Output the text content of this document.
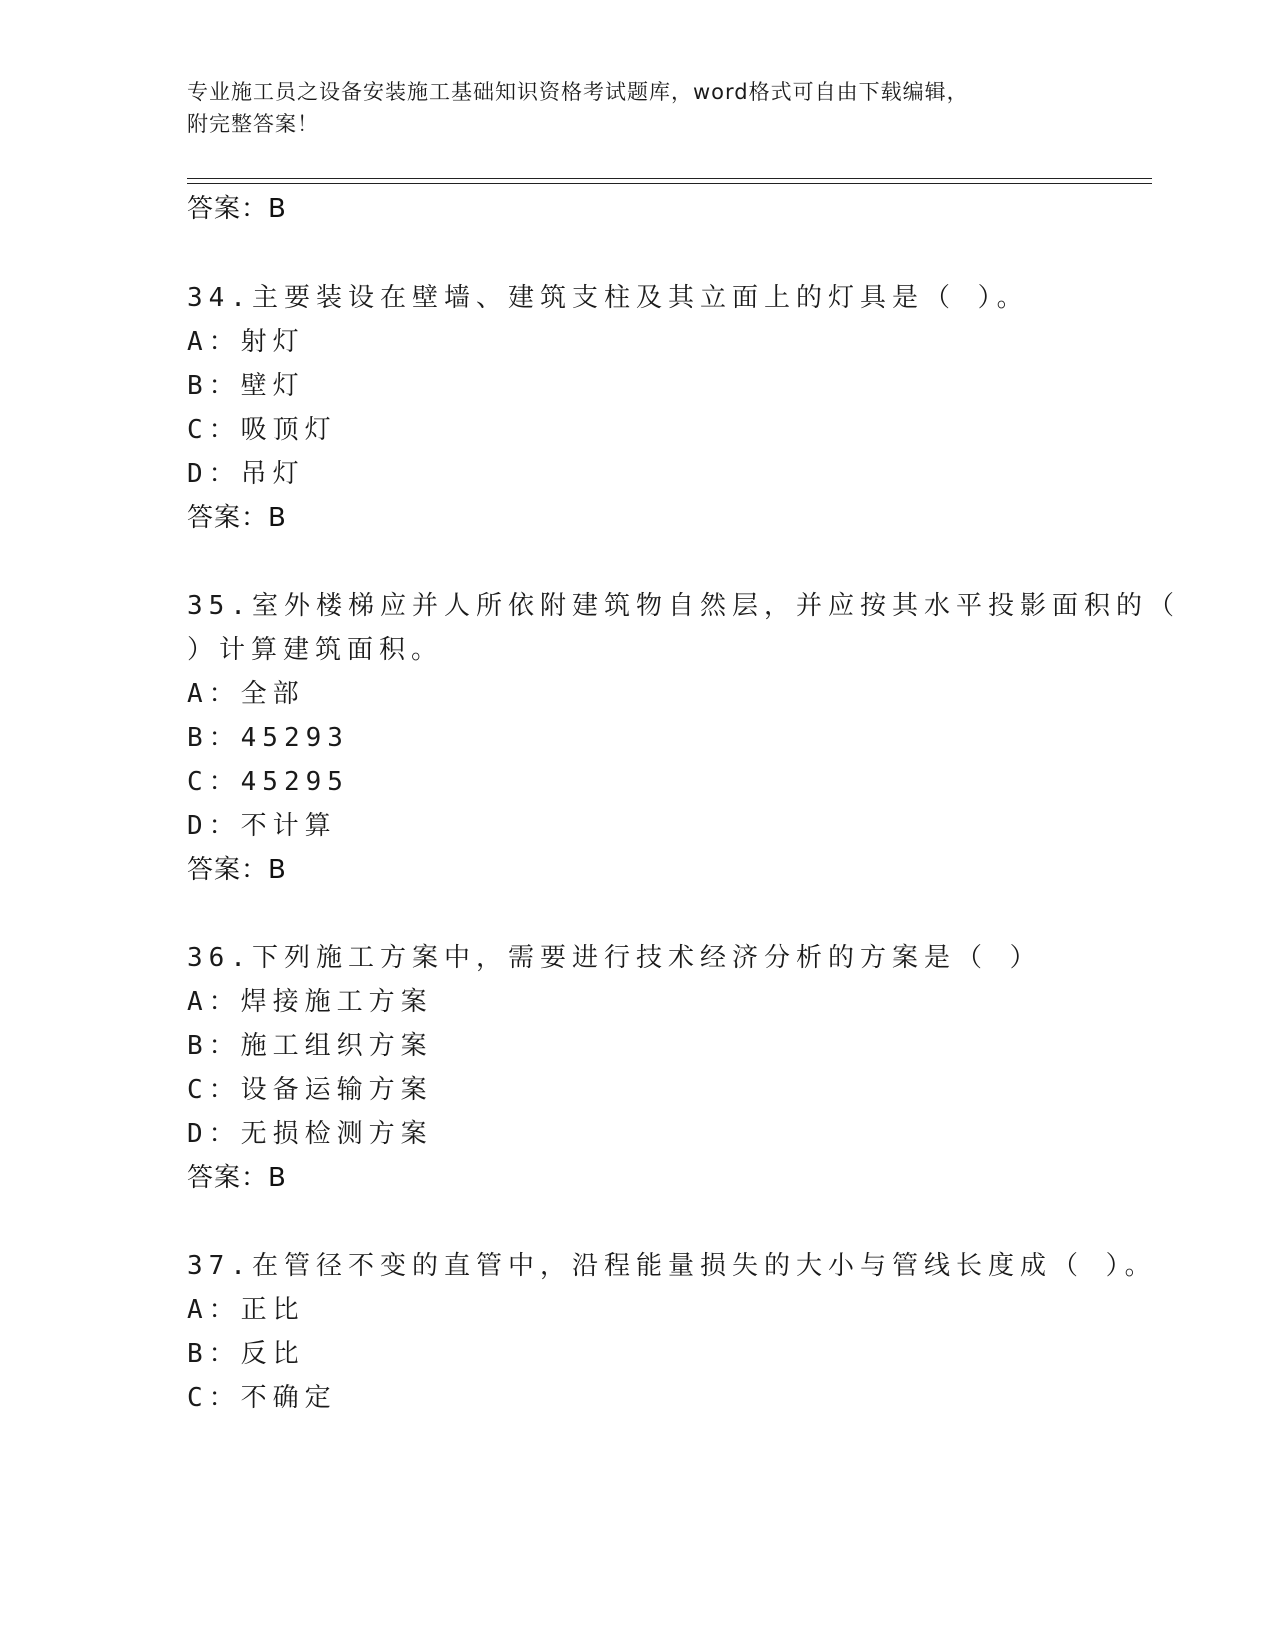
专业施工员之设备安装施工基础知识资格考试题库，word格式可自由下载编辑，
附完整答案！
答案：B
34.主要装设在壁墙、建筑支柱及其立面上的灯具是（ ）。
A：射灯
B：壁灯
C：吸顶灯
D：吊灯
答案：B
35.室外楼梯应并人所依附建筑物自然层，并应按其水平投影面积的（
）计算建筑面积。
A：全部
B：45293
C：45295
D：不计算
答案：B
36.下列施工方案中，需要进行技术经济分析的方案是（ ）
A：焊接施工方案
B：施工组织方案
C：设备运输方案
D：无损检测方案
答案：B
37.在管径不变的直管中，沿程能量损失的大小与管线长度成（ ）。
A：正比
B：反比
C：不确定
